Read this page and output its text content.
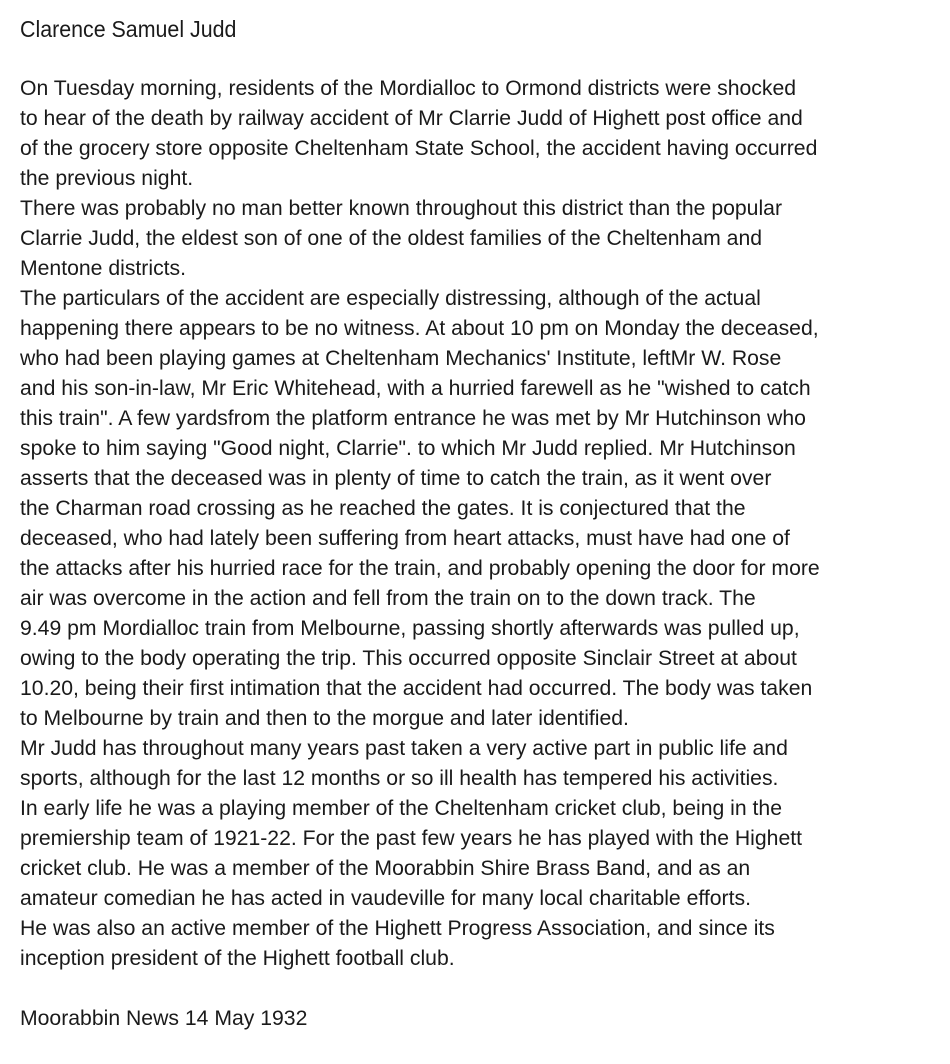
Clarence Samuel Judd

On Tuesday morning, residents of the Mordialloc to Ormond districts were shocked

to hear of the death by railway accident of Mr Clarrie Judd of Highett post office and

of the grocery store opposite Cheltenham State School, the accident having occurred

the previous night.

There was probably no man better known throughout this district than the popular

Clarrie Judd, the eldest son of one of the oldest families of the Cheltenham and

Mentone districts.

The particulars of the accident are especially distressing, although of the actual

happening there appears to be no witness. At about 10 pm on Monday the deceased,

who had been playing games at Cheltenham Mechanics' Institute, leftMr W. Rose

and his son-in-law, Mr Eric Whitehead, with a hurried farewell as he "wished to catch

this train". A few yardsfrom the platform entrance he was met by Mr Hutchinson who

spoke to him saying "Good night, Clarrie". to which Mr Judd replied. Mr Hutchinson

asserts that the deceased was in plenty of time to catch the train, as it went over

the Charman road crossing as he reached the gates. It is conjectured that the

deceased, who had lately been suffering from heart attacks, must have had one of

the attacks after his hurried race for the train, and probably opening the door for more

air was overcome in the action and fell from the train on to the down track. The

9.49 pm Mordialloc train from Melbourne, passing shortly afterwards was pulled up,

owing to the body operating the trip. This occurred opposite Sinclair Street at about

10.20, being their first intimation that the accident had occurred. The body was taken

to Melbourne by train and then to the morgue and later identified.

Mr Judd has throughout many years past taken a very active part in public life and

sports, although for the last 12 months or so ill health has tempered his activities.

In early life he was a playing member of the Cheltenham cricket club, being in the

premiership team of 1921-22. For the past few years he has played with the Highett

cricket club. He was a member of the Moorabbin Shire Brass Band, and as an

amateur comedian he has acted in vaudeville for many local charitable efforts.

He was also an active member of the Highett Progress Association, and since its

inception president of the Highett football club.

Moorabbin News 14 May 1932
